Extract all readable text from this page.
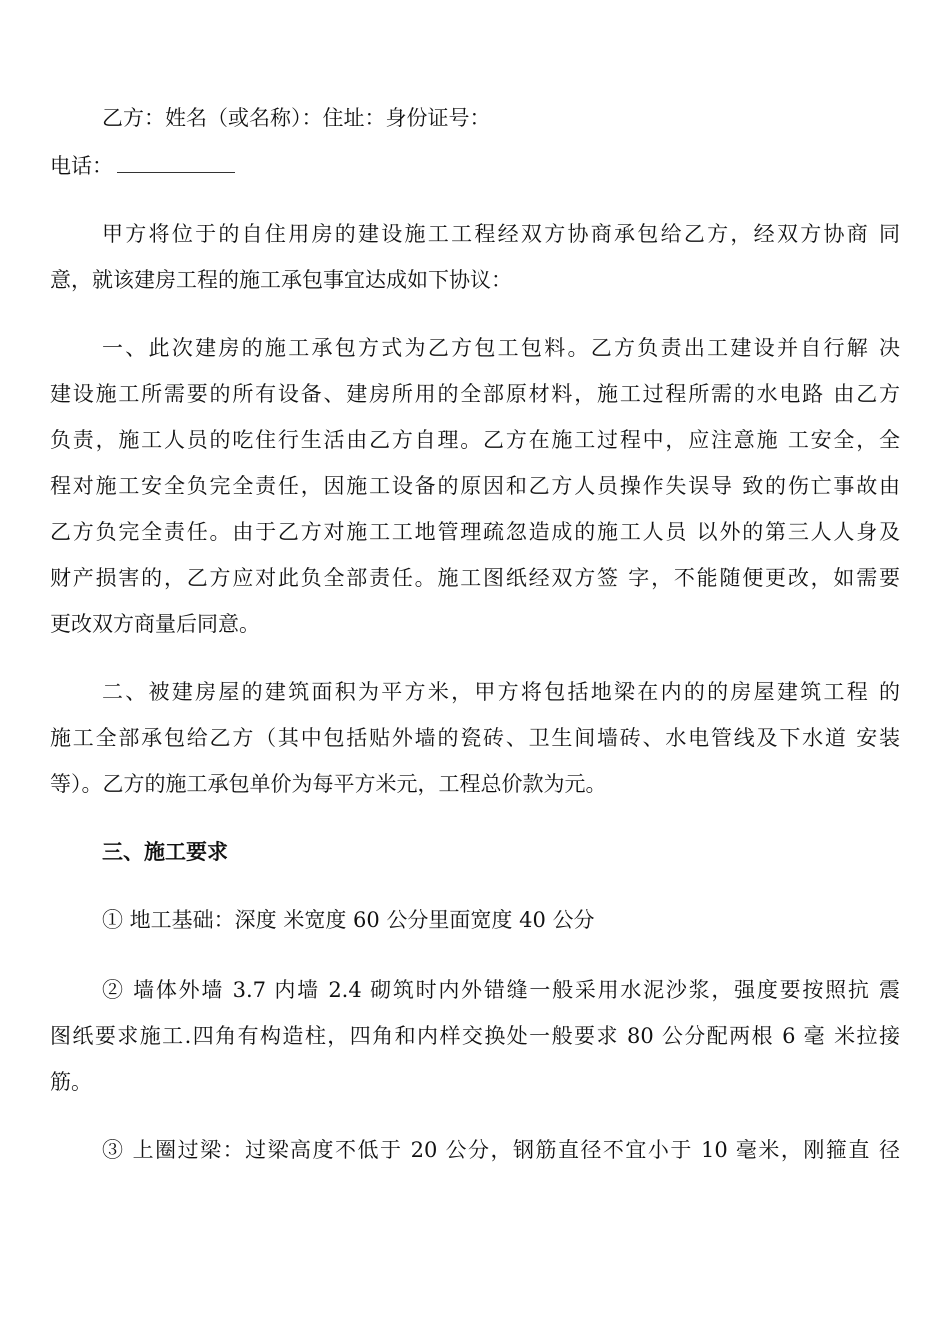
乙方：姓名（或名称）：住址：身份证号：
电话：
甲方将位于的自住用房的建设施工工程经双方协商承包给乙方，经双方协商 同
意，就该建房工程的施工承包事宜达成如下协议：
一、此次建房的施工承包方式为乙方包工包料。乙方负责出工建设并自行解 决
建设施工所需要的所有设备、建房所用的全部原材料，施工过程所需的水电路 由乙方
负责，施工人员的吃住行生活由乙方自理。乙方在施工过程中，应注意施 工安全，全
程对施工安全负完全责任，因施工设备的原因和乙方人员操作失误导 致的伤亡事故由
乙方负完全责任。由于乙方对施工工地管理疏忽造成的施工人员 以外的第三人人身及
财产损害的，乙方应对此负全部责任。施工图纸经双方签 字，不能随便更改，如需要
更改双方商量后同意。
二、被建房屋的建筑面积为平方米，甲方将包括地梁在内的的房屋建筑工程 的
施工全部承包给乙方（其中包括贴外墙的瓷砖、卫生间墙砖、水电管线及下水道 安装
等）。乙方的施工承包单价为每平方米元，工程总价款为元。
三、施工要求
① 地工基础：深度 米宽度 60 公分里面宽度 40 公分
② 墙体外墙 3.7 内墙 2.4 砌筑时内外错缝一般采用水泥沙浆，强度要按照抗 震
图纸要求施工.四角有构造柱，四角和内样交换处一般要求 80 公分配两根 6 毫 米拉接
筋。
③ 上圈过梁：过梁高度不低于 20 公分，钢筋直径不宜小于 10 毫米，刚箍直 径
